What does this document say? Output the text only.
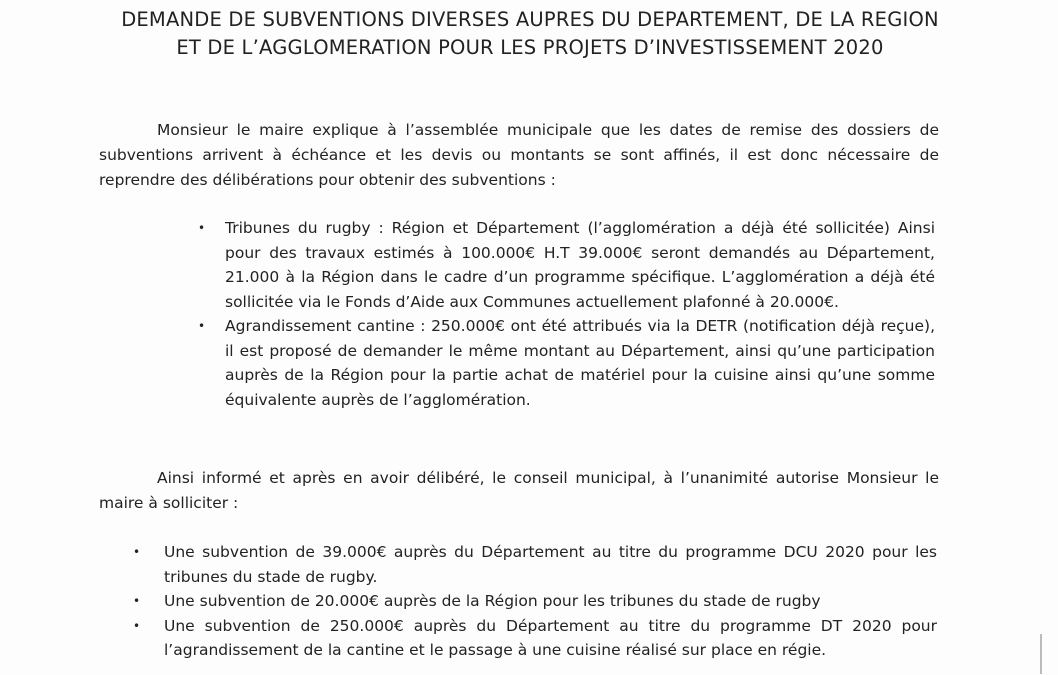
DEMANDE DE SUBVENTIONS DIVERSES AUPRES DU DEPARTEMENT, DE LA REGION
ET DE L’AGGLOMERATION POUR LES PROJETS D’INVESTISSEMENT 2020
Monsieur le maire explique à l’assemblée municipale que les dates de remise des dossiers de subventions arrivent à échéance et les devis ou montants se sont affinés, il est donc nécessaire de reprendre des délibérations pour obtenir des subventions :
• Tribunes du rugby : Région et Département (l’agglomération a déjà été sollicitée) Ainsi pour des travaux estimés à 100.000€ H.T 39.000€ seront demandés au Département, 21.000 à la Région dans le cadre d’un programme spécifique. L’agglomération a déjà été sollicitée via le Fonds d’Aide aux Communes actuellement plafonné à 20.000€.
• Agrandissement cantine : 250.000€ ont été attribués via la DETR (notification déjà reçue), il est proposé de demander le même montant au Département, ainsi qu’une participation auprès de la Région pour la partie achat de matériel pour la cuisine ainsi qu’une somme équivalente auprès de l’agglomération.
Ainsi informé et après en avoir délibéré, le conseil municipal, à l’unanimité autorise Monsieur le maire à solliciter :
• Une subvention de 39.000€ auprès du Département au titre du programme DCU 2020 pour les tribunes du stade de rugby.
• Une subvention de 20.000€ auprès de la Région pour les tribunes du stade de rugby
• Une subvention de 250.000€ auprès du Département au titre du programme DT 2020 pour l’agrandissement de la cantine et le passage à une cuisine réalisé sur place en régie.
